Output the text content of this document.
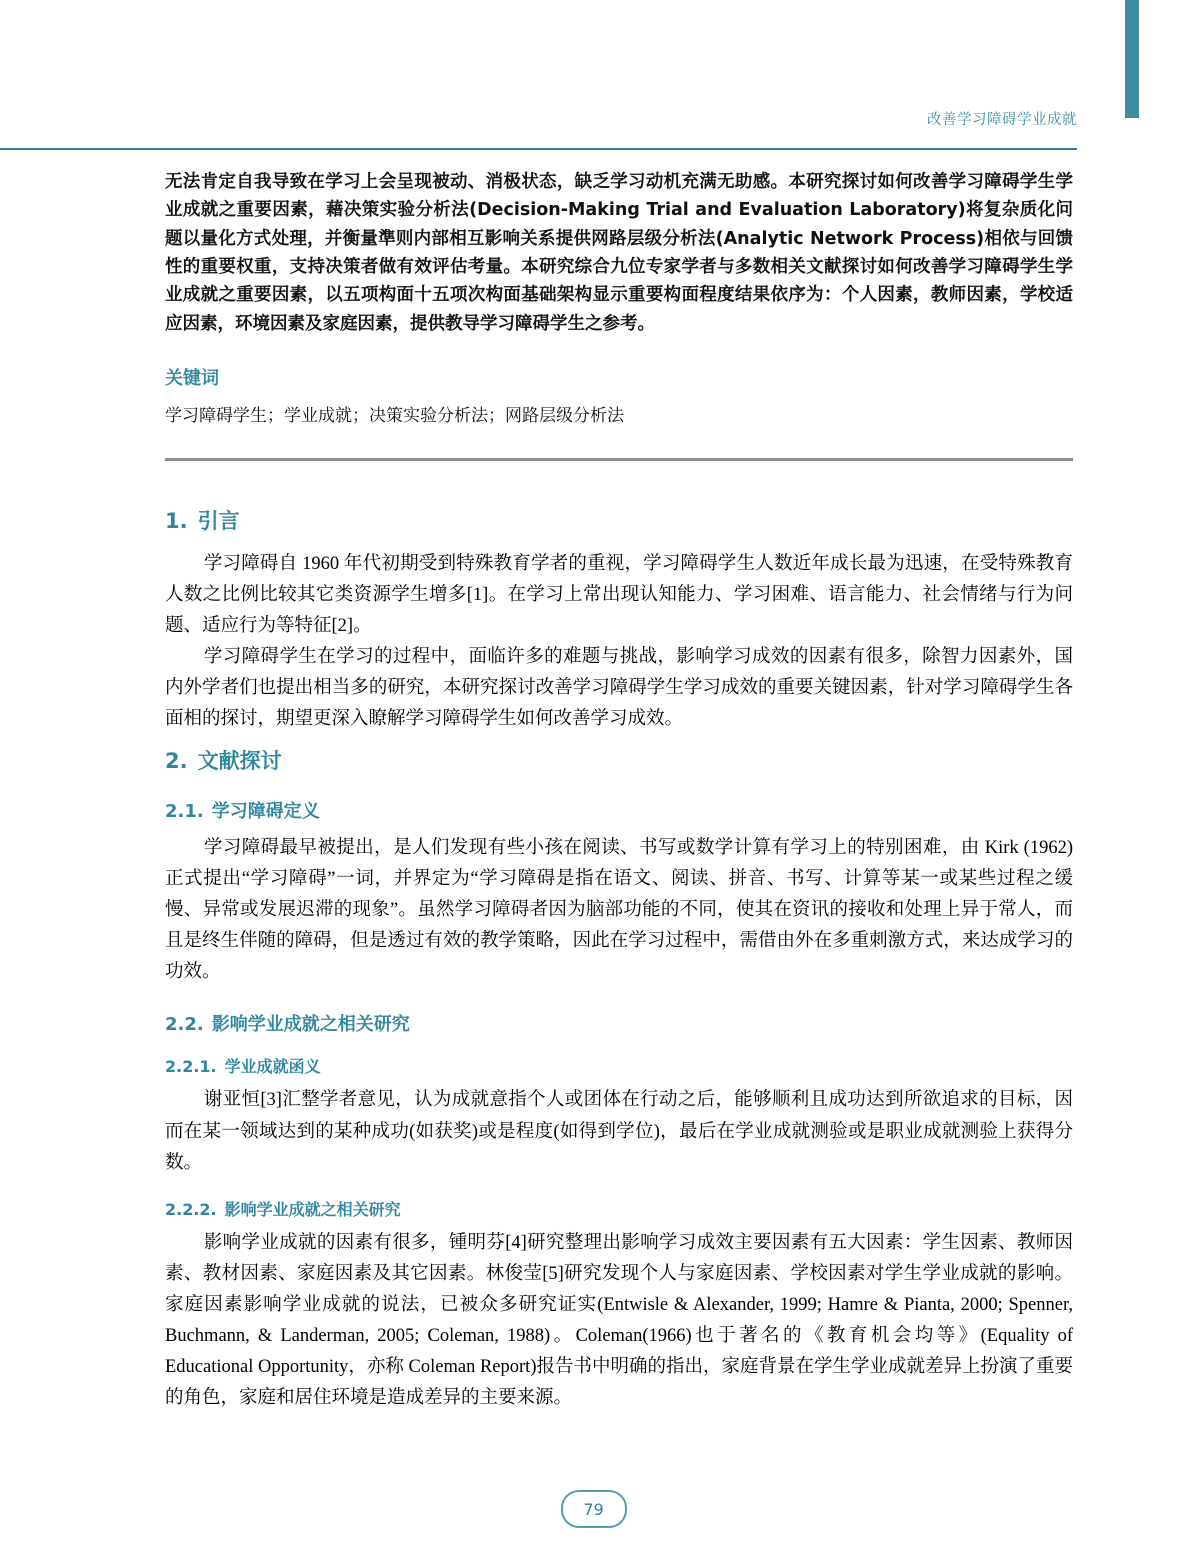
改善学习障碍学业成就

无法肯定自我导致在学习上会呈现被动、消极状态，缺乏学习动机充满无助感。本研究探讨如何改善学习障碍学生学业成就之重要因素，藉决策实验分析法(Decision-Making Trial and Evaluation Laboratory)将复杂质化问题以量化方式处理，并衡量準则内部相互影响关系提供网路层级分析法(Analytic Network Process)相依与回馈性的重要权重，支持决策者做有效评估考量。本研究综合九位专家学者与多数相关文献探讨如何改善学习障碍学生学业成就之重要因素，以五项构面十五项次构面基础架构显示重要构面程度结果依序为：个人因素，教师因素，学校适应因素，环境因素及家庭因素，提供教导学习障碍学生之参考。

关键词
学习障碍学生；学业成就；决策实验分析法；网路层级分析法
1. 引言

学习障碍自 1960 年代初期受到特殊教育学者的重视，学习障碍学生人数近年成长最为迅速，在受特殊教育人数之比例比较其它类资源学生增多[1]。在学习上常出现认知能力、学习困难、语言能力、社会情绪与行为问题、适应行为等特征[2]。

学习障碍学生在学习的过程中，面临许多的难题与挑战，影响学习成效的因素有很多，除智力因素外，国内外学者们也提出相当多的研究，本研究探讨改善学习障碍学生学习成效的重要关键因素，针对学习障碍学生各面相的探讨，期望更深入瞭解学习障碍学生如何改善学习成效。

2. 文献探讨
2.1. 学习障碍定义

学习障碍最早被提出，是人们发现有些小孩在阅读、书写或数学计算有学习上的特别困难，由 Kirk (1962)正式提出“学习障碍”一词，并界定为“学习障碍是指在语文、阅读、拼音、书写、计算等某一或某些过程之缓慢、异常或发展迟滞的现象”。虽然学习障碍者因为脑部功能的不同，使其在资讯的接收和处理上异于常人，而且是终生伴随的障碍，但是透过有效的教学策略，因此在学习过程中，需借由外在多重刺激方式，来达成学习的功效。

2.2. 影响学业成就之相关研究
2.2.1. 学业成就函义

谢亚恒[3]汇整学者意见，认为成就意指个人或团体在行动之后，能够顺利且成功达到所欲追求的目标，因而在某一领域达到的某种成功(如获奖)或是程度(如得到学位)，最后在学业成就测验或是职业成就测验上获得分数。

2.2.2. 影响学业成就之相关研究

影响学业成就的因素有很多，锺明芬[4]研究整理出影响学习成效主要因素有五大因素：学生因素、教师因素、教材因素、家庭因素及其它因素。林俊莹[5]研究发现个人与家庭因素、学校因素对学生学业成就的影响。家庭因素影响学业成就的说法，已被众多研究证实(Entwisle & Alexander, 1999; Hamre & Pianta, 2000; Spenner, Buchmann, & Landerman, 2005; Coleman, 1988)。Coleman(1966)也于著名的《教育机会均等》(Equality of Educational Opportunity，亦称 Coleman Report)报告书中明确的指出，家庭背景在学生学业成就差异上扮演了重要的角色，家庭和居住环境是造成差异的主要来源。

79
